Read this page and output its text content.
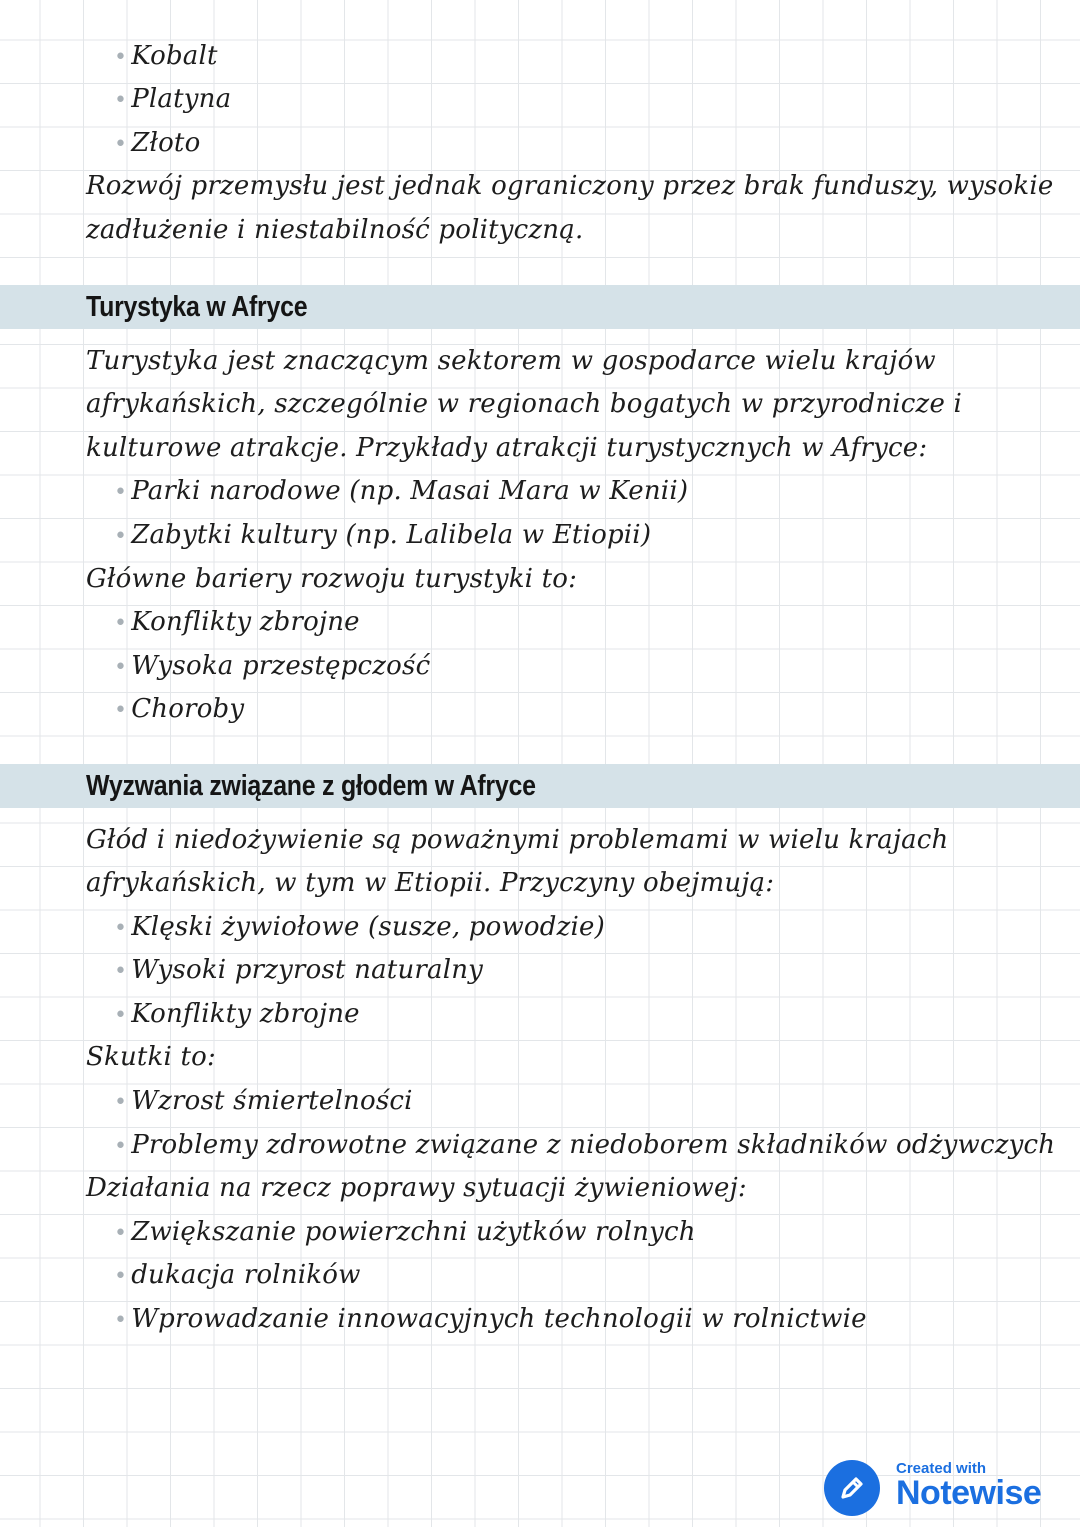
• Kobalt
• Platyna
• Złoto
Rozwój przemysłu jest jednak ograniczony przez brak funduszy, wysokie
zadłużenie i niestabilność polityczną.
Turystyka w Afryce
Turystyka jest znaczącym sektorem w gospodarce wielu krajów
afrykańskich, szczególnie w regionach bogatych w przyrodnicze i
kulturowe atrakcje. Przykłady atrakcji turystycznych w Afryce:
• Parki narodowe (np. Masai Mara w Kenii)
• Zabytki kultury (np. Lalibela w Etiopii)
Główne bariery rozwoju turystyki to:
• Konflikty zbrojne
• Wysoka przestępczość
• Choroby
Wyzwania związane z głodem w Afryce
Głód i niedożywienie są poważnymi problemami w wielu krajach
afrykańskich, w tym w Etiopii. Przyczyny obejmują:
• Klęski żywiołowe (susze, powodzie)
• Wysoki przyrost naturalny
• Konflikty zbrojne
Skutki to:
• Wzrost śmiertelności
• Problemy zdrowotne związane z niedoborem składników odżywczych
Działania na rzecz poprawy sytuacji żywieniowej:
• Zwiększanie powierzchni użytków rolnych
• dukacja rolników
• Wprowadzanie innowacyjnych technologii w rolnictwie
Created with
Notewise
